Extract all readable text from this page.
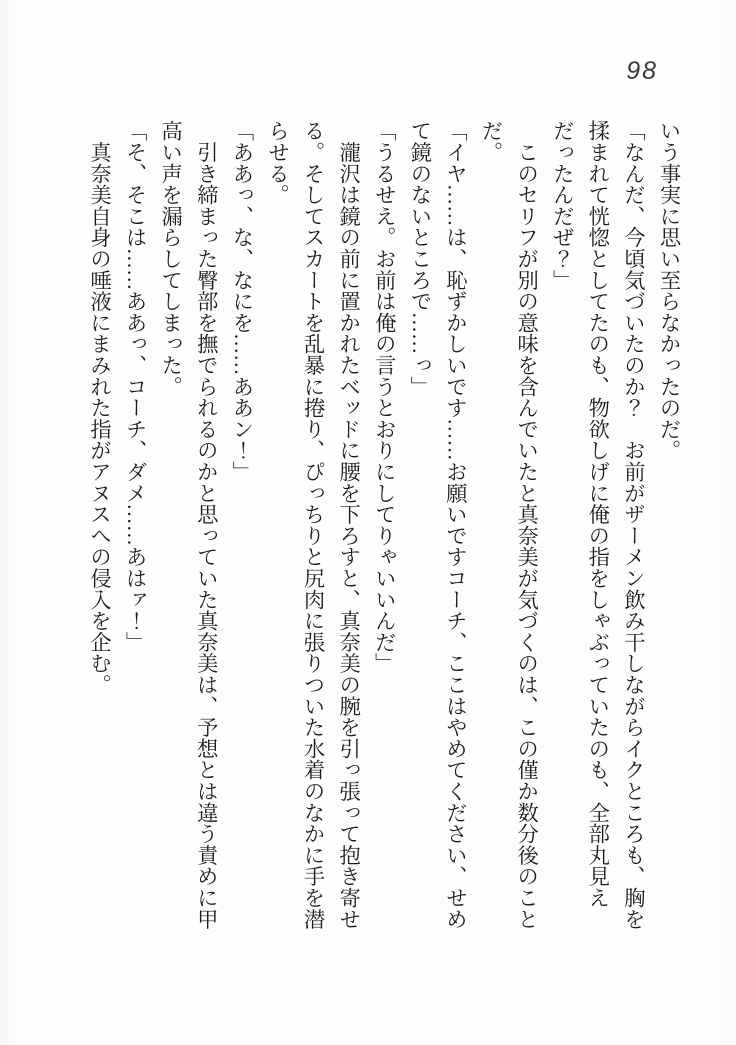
98
いう事実に思い至らなかったのだ。
「なんだ、今頃気づいたのか？　お前がザーメン飲み干しながらイクところも、胸を
揉まれて恍惚としてたのも、物欲しげに俺の指をしゃぶっていたのも、全部丸見え
だったんだぜ？」
　このセリフが別の意味を含んでいたと真奈美が気づくのは、この僅か数分後のこと
だ。
「イヤ……は、恥ずかしいです……お願いですコーチ、ここはやめてください、せめ
て鏡のないところで……っ」
「うるせえ。お前は俺の言うとおりにしてりゃいいんだ」
　瀧沢は鏡の前に置かれたベッドに腰を下ろすと、真奈美の腕を引っ張って抱き寄せ
る。そしてスカートを乱暴に捲り、ぴっちりと尻肉に張りついた水着のなかに手を潜
らせる。
「ああっ、な、なにを……ああン！」
　引き締まった臀部を撫でられるのかと思っていた真奈美は、予想とは違う責めに甲
高い声を漏らしてしまった。
「そ、そこは……ああっ、コーチ、ダメ……あはァ！」
　真奈美自身の唾液にまみれた指がアヌスへの侵入を企む。
